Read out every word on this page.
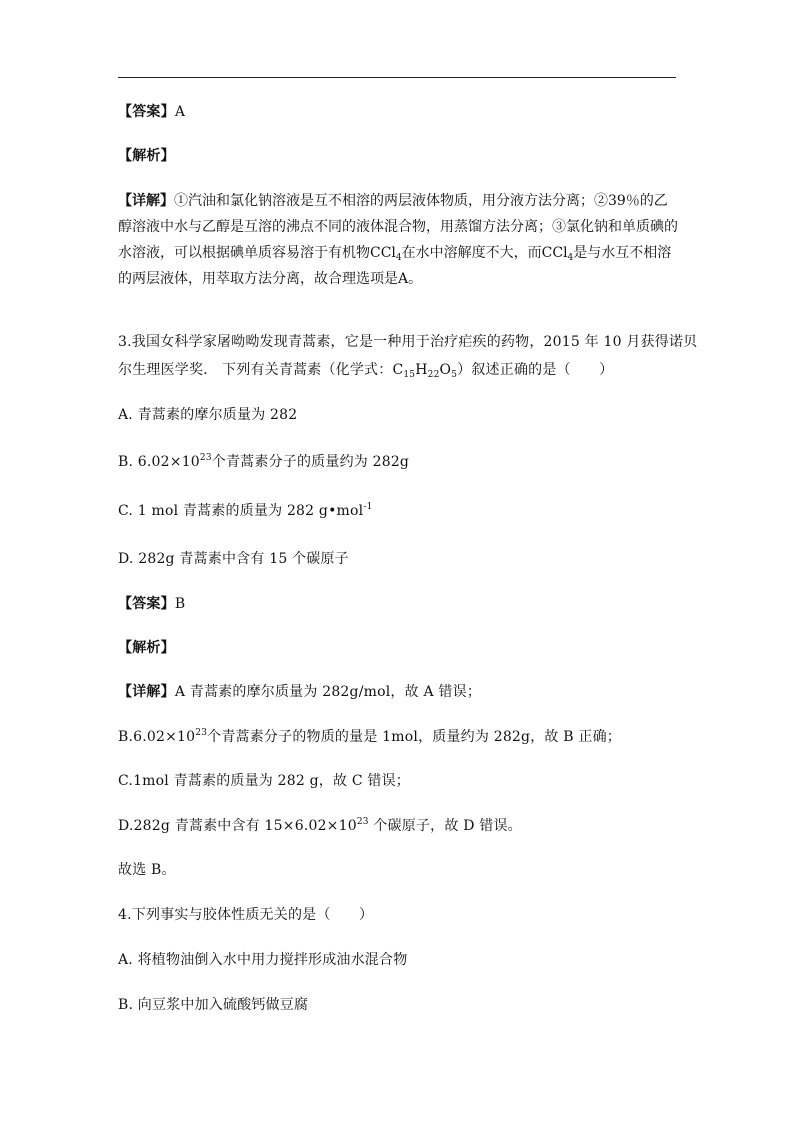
【答案】A
【解析】
【详解】①汽油和氯化钠溶液是互不相溶的两层液体物质，用分液方法分离；②39％的乙醇溶液中水与乙醇是互溶的沸点不同的液体混合物，用蒸馏方法分离；③氯化钠和单质碘的水溶液，可以根据碘单质容易溶于有机物CCl$_4$在水中溶解度不大，而CCl$_4$是与水互不相溶的两层液体，用萃取方法分离，故合理选项是A。
3.我国女科学家屠呦呦发现青蒿素，它是一种用于治疗疟疾的药物，2015 年 10 月获得诺贝
尔生理医学奖． 下列有关青蒿素（化学式：$C_{15}H_{22}O_5$）叙述正确的是（　　）
A. 青蒿素的摩尔质量为 282
B. $6.02\times 10^{23}$个青蒿素分子的质量约为 282g
C. 1 mol 青蒿素的质量为 282 g•mol$^{-1}$
D. 282g 青蒿素中含有 15 个碳原子
【答案】B
【解析】
【详解】A 青蒿素的摩尔质量为 282g/mol，故 A 错误；
$B.6.02\times 10^{23}$个青蒿素分子的物质的量是 1mol，质量约为 282g，故 B 正确；
C.1mol 青蒿素的质量为 282 g，故 C 错误；
D.282g 青蒿素中含有 $15\times 6.02\times 10^{23}$ 个碳原子，故 D 错误。
故选 B。
4.下列事实与胶体性质无关的是（　　）
A. 将植物油倒入水中用力搅拌形成油水混合物
B. 向豆浆中加入硫酸钙做豆腐
